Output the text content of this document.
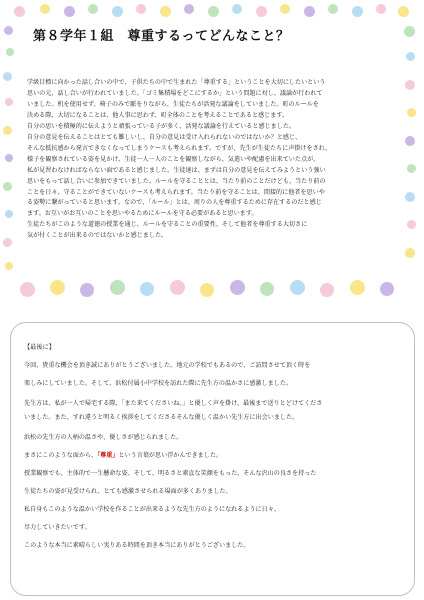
第８学年１組　尊重するってどんなこと？
学級目標に向かった話し合いの中で、子供たちの中で生まれた「尊重する」ということを大切にしたいという
思いの元、話し合いが行われていました。「ゴミ集積場をどこにするか」という問題に対し、議論が行われて
いました。机を使用せず、椅子のみで脈をりながら、生徒たちが活発な議論をしていました。町のルールを
決める際、大切になることは、他人事に思わず、町全体のことを考えることであると感じます。
自分の思いを積極的に伝えようと頑張っている子が多く、活発な議論を行えていると感じました。
自分の意見を伝えることはとても難しいし、自分の意見は受け入れられないのではないか？と感じ、
そんな抵抗感から発言できなくなってしまうケースも考えられます。ですが、先生が生徒たちに声掛けをされ、
様子を観察されている姿を見かけ、生徒一人一人のことを観察しながら、気遣いや配慮を出来ていた点が、
私が見習わなければならない面であると感じました。生徒達は、まずは自分の意見を伝えてみようという強い
思いをもって話し合いに参加できていました。ルールを守ることとは、当たり前のことだけども、当たり前の
ことを日々、守ることができていないケースも考えられます。当たり前を守ることは、間接的に他者を思いや
る姿勢に繋がっていると思います。なので、「ルール」とは、周りの人を尊重するために存在するのだと感じ
ます。お互いがお互いのことを思いやるためにルールを守る必要があると思います。
生徒たちがこのような道徳の授業を通じ、ルールを守ることの重要性、そして他者を尊重する大切さに
気が付くことが出来るのではないかと感じました。
【最後に】
今回、貴重な機会を頂き誠にありがとうございました。地元の学校でもあるので、ご訪問させて頂く時を
楽しみにしていました。そして、浜松付属小中学校を訪れた際に先生方の温かさに感激しました。
先生方は、私が一人で帰宅する際、「また来てくださいね。」と優しく声を掛け、最後まで送りとどけてくださ
いました。また、すれ違うと明るく挨拶をしてくださるそんな優しく温かい先生方に出会いました。
浜松の先生方の人柄の温さや、優しさが感じられました。
まさにこのような面から、「尊重」という言葉が思い浮かんできました。
授業観察でも、主体的で一生懸命な姿、そして、明るさと素直な笑顔をもった、そんな沢山の良さを持った
生徒たちの姿が見受けられ、とても感激させられる場面が多くありました。
私自身もこのような温かい学校を作ることが出来るような先生方のようになれるように日々、
尽力していきたいです。
このような本当に素晴らしい実りある時間を頂き本当にありがとうございました。
